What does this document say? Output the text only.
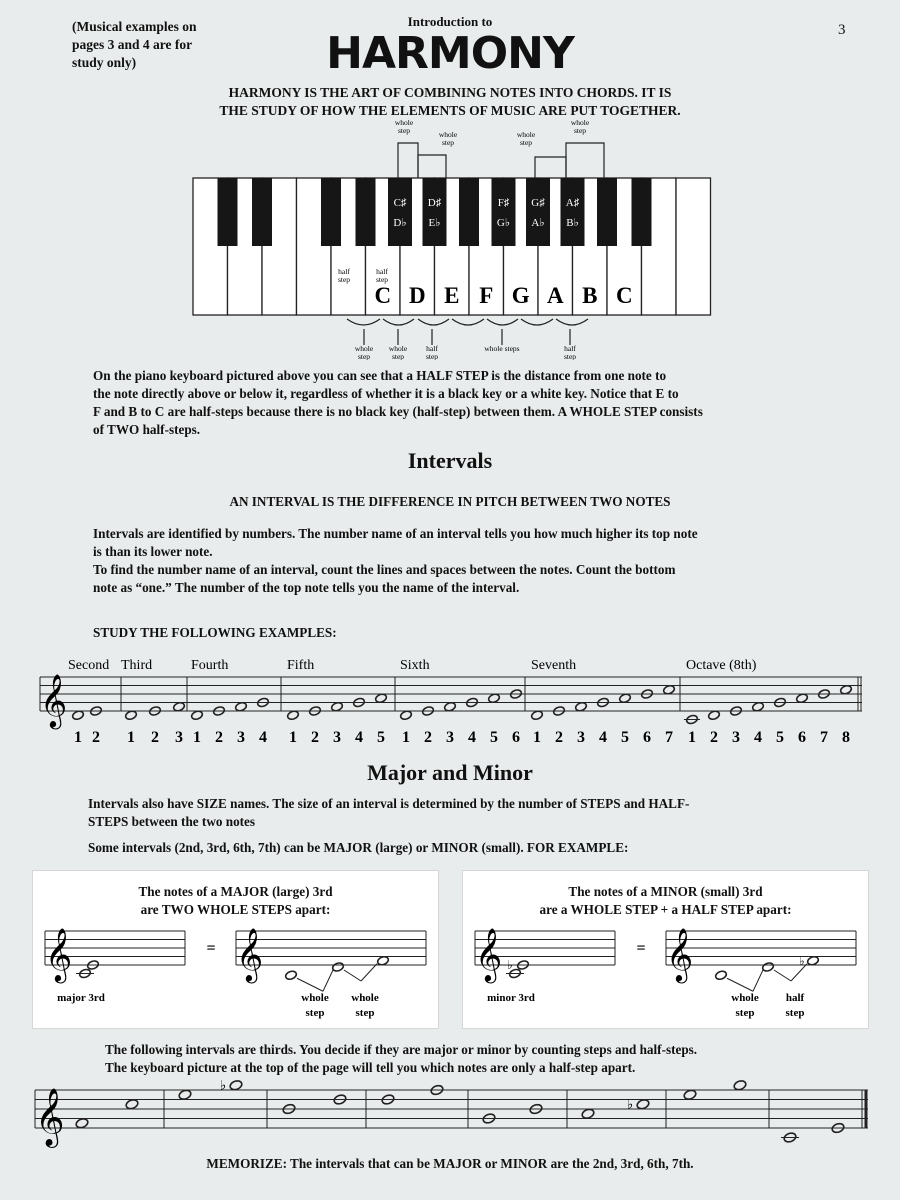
(Musical examples on
pages 3 and 4 are for
study only)
Introduction to
HARMONY	3
HARMONY IS THE ART OF COMBINING NOTES INTO CHORDS. IT IS
THE STUDY OF HOW THE ELEMENTS OF MUSIC ARE PUT TOGETHER.
C♯
D♭
D♯
E♭
F♯
G♭
G♯
A♭
A♯
B♭
C D E F G A B C
whole
step	whole
step
whole
step
whole
step
half
step
half
step
whole
step
whole
step
half
step
whole steps	half
step
On the piano keyboard pictured above you can see that a HALF STEP is the distance from one note to
the note directly above or below it, regardless of whether it is a black key or a white key. Notice that E to
F and B to C are half-steps because there is no black key (half-step) between them. A WHOLE STEP consists
of TWO half-steps.
Intervals
AN INTERVAL IS THE DIFFERENCE IN PITCH BETWEEN TWO NOTES
Intervals are identified by numbers. The number name of an interval tells you how much higher its top note
is than its lower note.
To find the number name of an interval, count the lines and spaces between the notes. Count the bottom
note as “one.” The number of the top note tells you the name of the interval.
STUDY THE FOLLOWING EXAMPLES:
𝄞
Second
1 2
Third
1 2 3
Fourth
1 2 3 4
Fifth
1 2 3 4 5
Sixth
1 2 3 4 5 6
Seventh
1 2 3 4 5 6 7
Octave (8th)
1 2 3 4 5 6 7 8
Major and Minor
Intervals also have SIZE names. The size of an interval is determined by the number of STEPS and HALF-
STEPS between the two notes
Some intervals (2nd, 3rd, 6th, 7th) can be MAJOR (large) or MINOR (small). FOR EXAMPLE:
The notes of a MAJOR (large) 3rd
are TWO WHOLE STEPS apart:
𝄞
major 3rd
= 𝄞
whole
step
whole
step
The notes of a MINOR (small) 3rd
are a WHOLE STEP + a HALF STEP apart:
𝄞 ♭
minor 3rd
= 𝄞	♭
whole
step
half
step
The following intervals are thirds. You decide if they are major or minor by counting steps and half-steps.
The keyboard picture at the top of the page will tell you which notes are only a half-step apart.
𝄞
♭
♭
MEMORIZE: The intervals that can be MAJOR or MINOR are the 2nd, 3rd, 6th, 7th.
